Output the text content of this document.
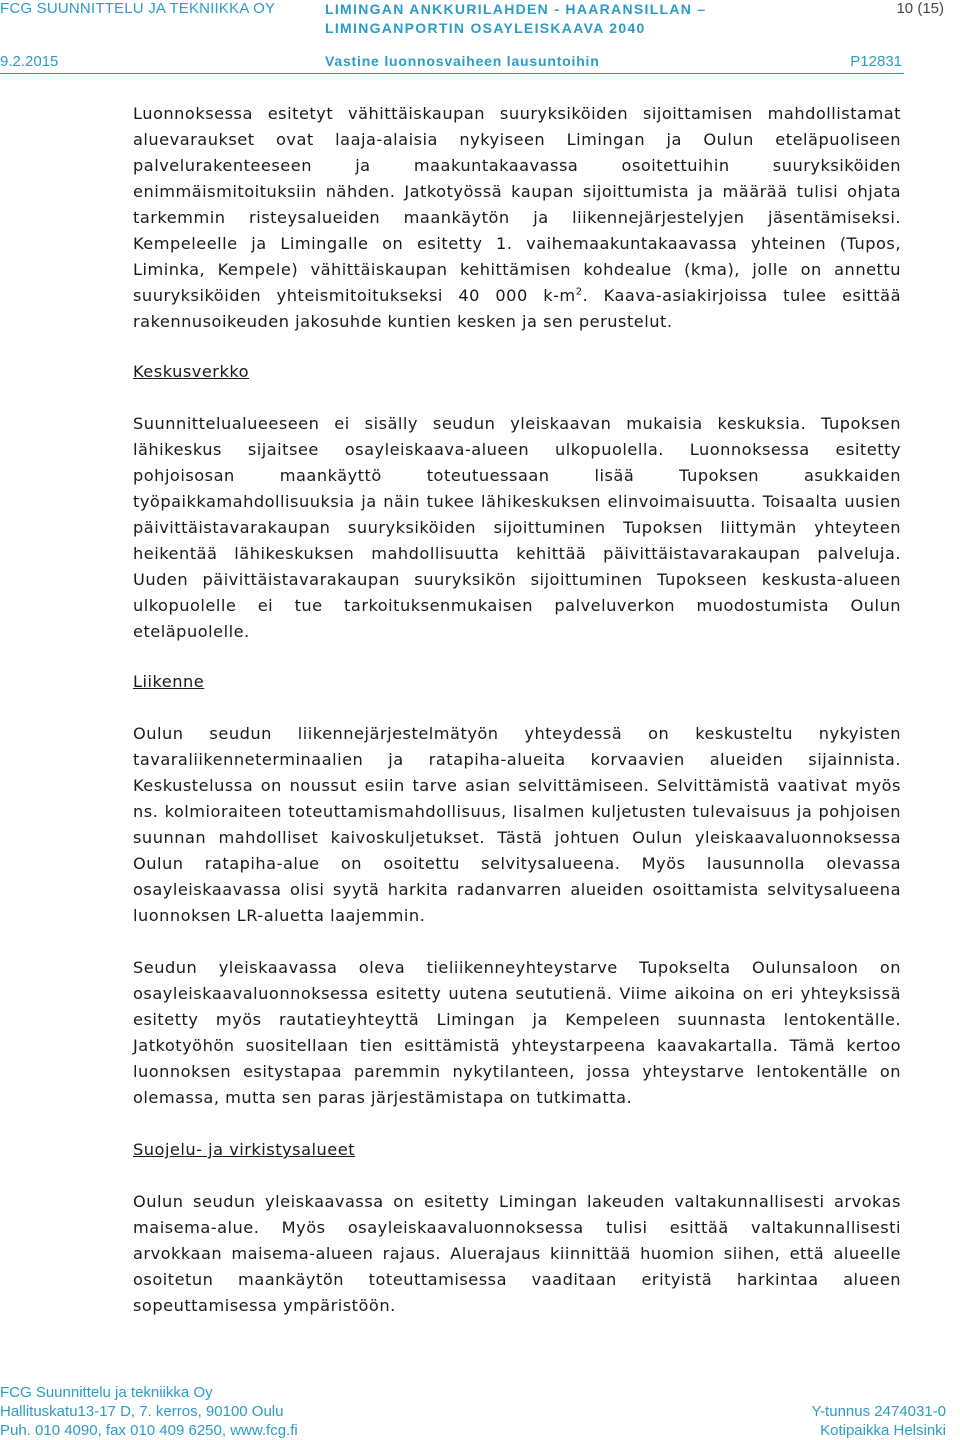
FCG SUUNNITTELU JA TEKNIIKKA OY	LIMINGAN ANKKURILAHDEN - HAARANSILLAN –
LIMINGANPORTIN OSAYLEISKAAVA 2040
10 (15)
9.2.2015	Vastine luonnosvaiheen lausuntoihin	P12831

Luonnoksessa esitetyt vähittäiskaupan suuryksiköiden sijoittamisen mahdollistamat aluevaraukset ovat laaja-alaisia nykyiseen Limingan ja Oulun eteläpuoliseen palvelurakenteeseen ja maakuntakaavassa osoitettuihin suuryksiköiden enimmäismitoituksiin nähden. Jatkotyössä kaupan sijoittumista ja määrää tulisi ohjata tarkemmin risteysalueiden maankäytön ja liikennejärjestelyjen jäsentämiseksi. Kempeleelle ja Limingalle on esitetty 1. vaihemaakuntakaavassa yhteinen (Tupos, Liminka, Kempele) vähittäiskaupan kehittämisen kohdealue (kma), jolle on annettu suuryksiköiden yhteismitoitukseksi 40 000 $k-m^2$. Kaava-asiakirjoissa tulee esittää rakennusoikeuden jakosuhde kuntien kesken ja sen perustelut.

Keskusverkko

Suunnittelualueeseen ei sisälly seudun yleiskaavan mukaisia keskuksia. Tupoksen lähikeskus sijaitsee osayleiskaava-alueen ulkopuolella. Luonnoksessa esitetty pohjoisosan maankäyttö toteutuessaan lisää Tupoksen asukkaiden työpaikkamahdollisuuksia ja näin tukee lähikeskuksen elinvoimaisuutta. Toisaalta uusien päivittäistavarakaupan suuryksiköiden sijoittuminen Tupoksen liittymän yhteyteen heikentää lähikeskuksen mahdollisuutta kehittää päivittäistavarakaupan palveluja. Uuden päivittäistavarakaupan suuryksikön sijoittuminen Tupokseen keskusta-alueen ulkopuolelle ei tue tarkoituksenmukaisen palveluverkon muodostumista Oulun eteläpuolelle.

Liikenne

Oulun seudun liikennejärjestelmätyön yhteydessä on keskusteltu nykyisten tavaraliikenneterminaalien ja ratapiha-alueita korvaavien alueiden sijainnista. Keskustelussa on noussut esiin tarve asian selvittämiseen. Selvittämistä vaativat myös ns. kolmioraiteen toteuttamismahdollisuus, Iisalmen kuljetusten tulevaisuus ja pohjoisen suunnan mahdolliset kaivoskuljetukset. Tästä johtuen Oulun yleiskaavaluonnoksessa Oulun ratapiha-alue on osoitettu selvitysalueena. Myös lausunnolla olevassa osayleiskaavassa olisi syytä harkita radanvarren alueiden osoittamista selvitysalueena luonnoksen LR-aluetta laajemmin.

Seudun yleiskaavassa oleva tieliikenneyhteystarve Tupokselta Oulunsaloon on osayleiskaavaluonnoksessa esitetty uutena seututienä. Viime aikoina on eri yhteyksissä esitetty myös rautatieyhteyttä Limingan ja Kempeleen suunnasta lentokentälle. Jatkotyöhön suositellaan tien esittämistä yhteystarpeena kaavakartalla. Tämä kertoo luonnoksen esitystapaa paremmin nykytilanteen, jossa yhteystarve lentokentälle on olemassa, mutta sen paras järjestämistapa on tutkimatta.

Suojelu- ja virkistysalueet

Oulun seudun yleiskaavassa on esitetty Limingan lakeuden valtakunnallisesti arvokas maisema-alue. Myös osayleiskaavaluonnoksessa tulisi esittää valtakunnallisesti arvokkaan maisema-alueen rajaus. Aluerajaus kiinnittää huomion siihen, että alueelle osoitetun maankäytön toteuttamisessa vaaditaan erityistä harkintaa alueen sopeuttamisessa ympäristöön.

FCG Suunnittelu ja tekniikka Oy
Hallituskatu13-17 D, 7. kerros, 90100 Oulu
Puh. 010 4090, fax 010 409 6250, www.fcg.fi
Y-tunnus 2474031-0
Kotipaikka Helsinki
